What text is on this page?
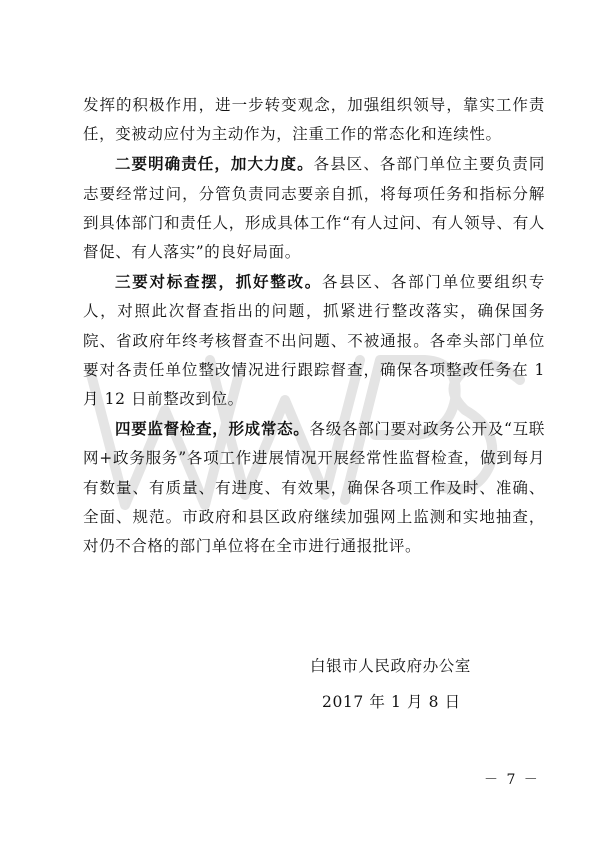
发挥的积极作用，进一步转变观念，加强组织领导，靠实工作责任，变被动应付为主动作为，注重工作的常态化和连续性。

二要明确责任，加大力度。各县区、各部门单位主要负责同志要经常过问，分管负责同志要亲自抓，将每项任务和指标分解到具体部门和责任人，形成具体工作“有人过问、有人领导、有人督促、有人落实”的良好局面。

三要对标查摆，抓好整改。各县区、各部门单位要组织专人，对照此次督查指出的问题，抓紧进行整改落实，确保国务院、省政府年终考核督查不出问题、不被通报。各牵头部门单位要对各责任单位整改情况进行跟踪督查，确保各项整改任务在 1 月 12 日前整改到位。

四要监督检查，形成常态。各级各部门要对政务公开及“互联网+政务服务”各项工作进展情况开展经常性监督检查，做到每月有数量、有质量、有进度、有效果，确保各项工作及时、准确、全面、规范。市政府和县区政府继续加强网上监测和实地抽查，对仍不合格的部门单位将在全市进行通报批评。

白银市人民政府办公室
2017 年 1 月 8 日
－ 7 －
